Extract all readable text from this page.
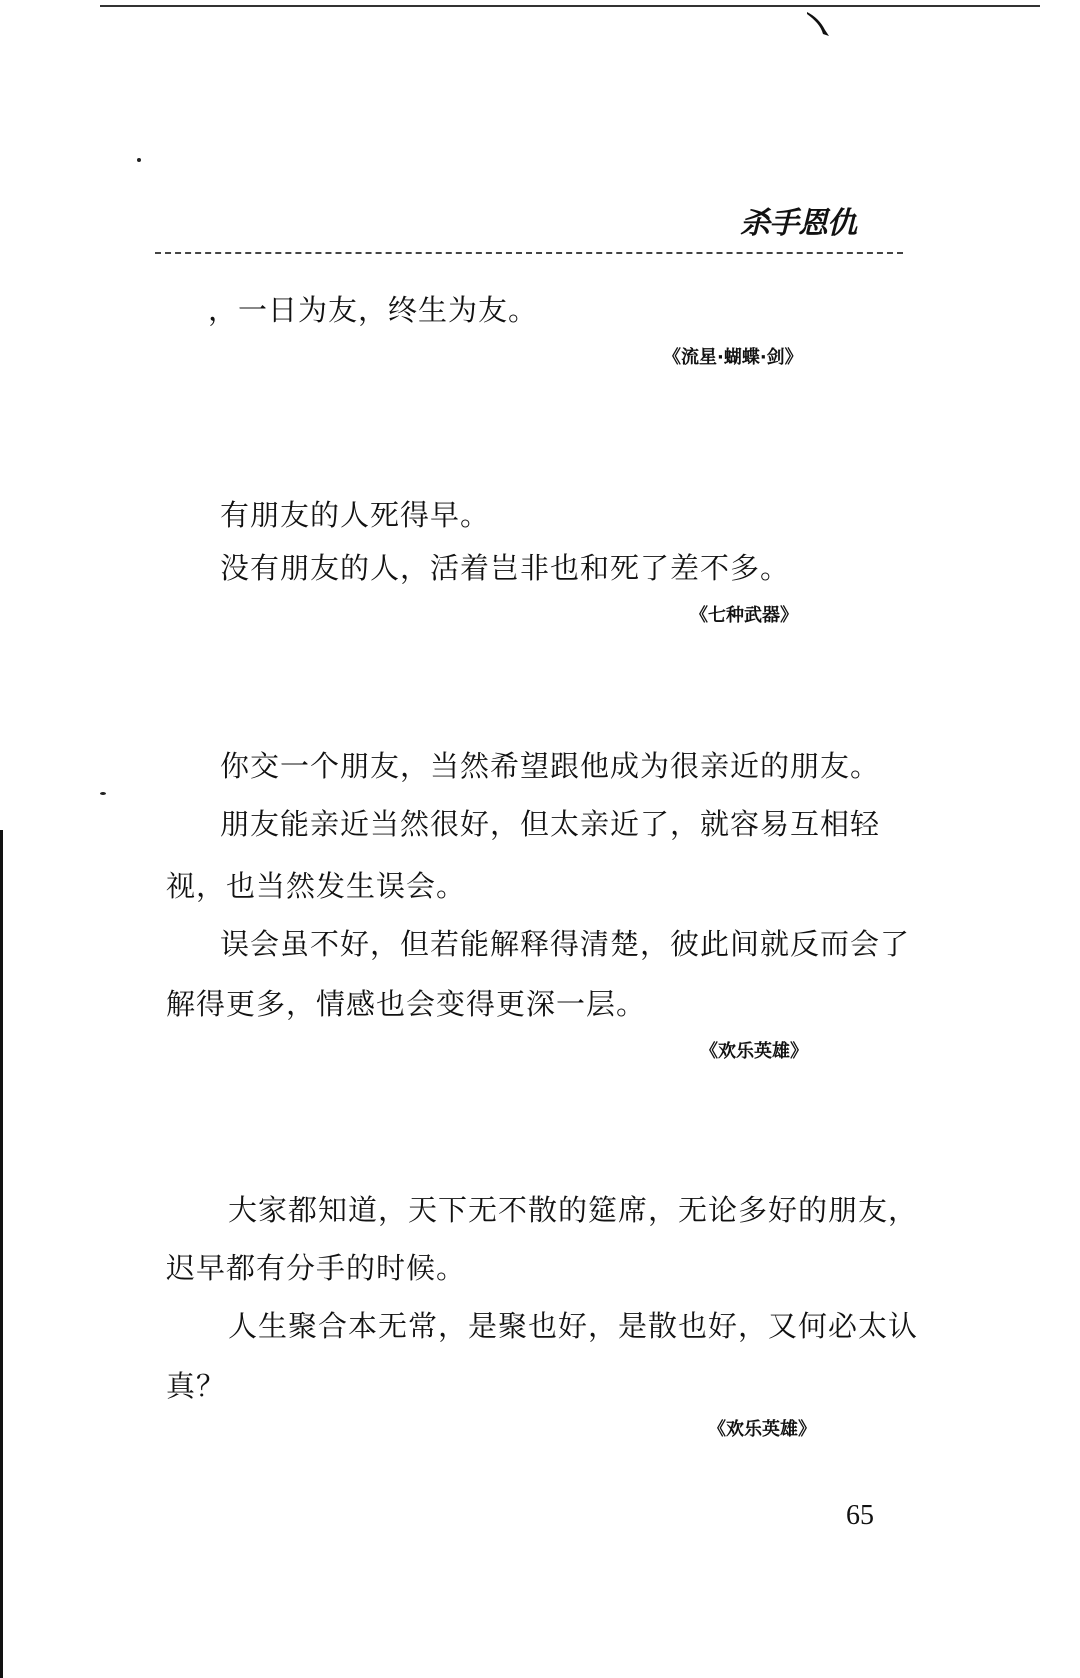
杀手恩仇
，一日为友，终生为友。
《流星·蝴蝶·剑》
有朋友的人死得早。
没有朋友的人，活着岂非也和死了差不多。
《七种武器》
你交一个朋友，当然希望跟他成为很亲近的朋友。
朋友能亲近当然很好，但太亲近了，就容易互相轻
视，也当然发生误会。
误会虽不好，但若能解释得清楚，彼此间就反而会了
解得更多，情感也会变得更深一层。
《欢乐英雄》
大家都知道，天下无不散的筵席，无论多好的朋友，
迟早都有分手的时候。
人生聚合本无常，是聚也好，是散也好，又何必太认
真？
《欢乐英雄》
65
